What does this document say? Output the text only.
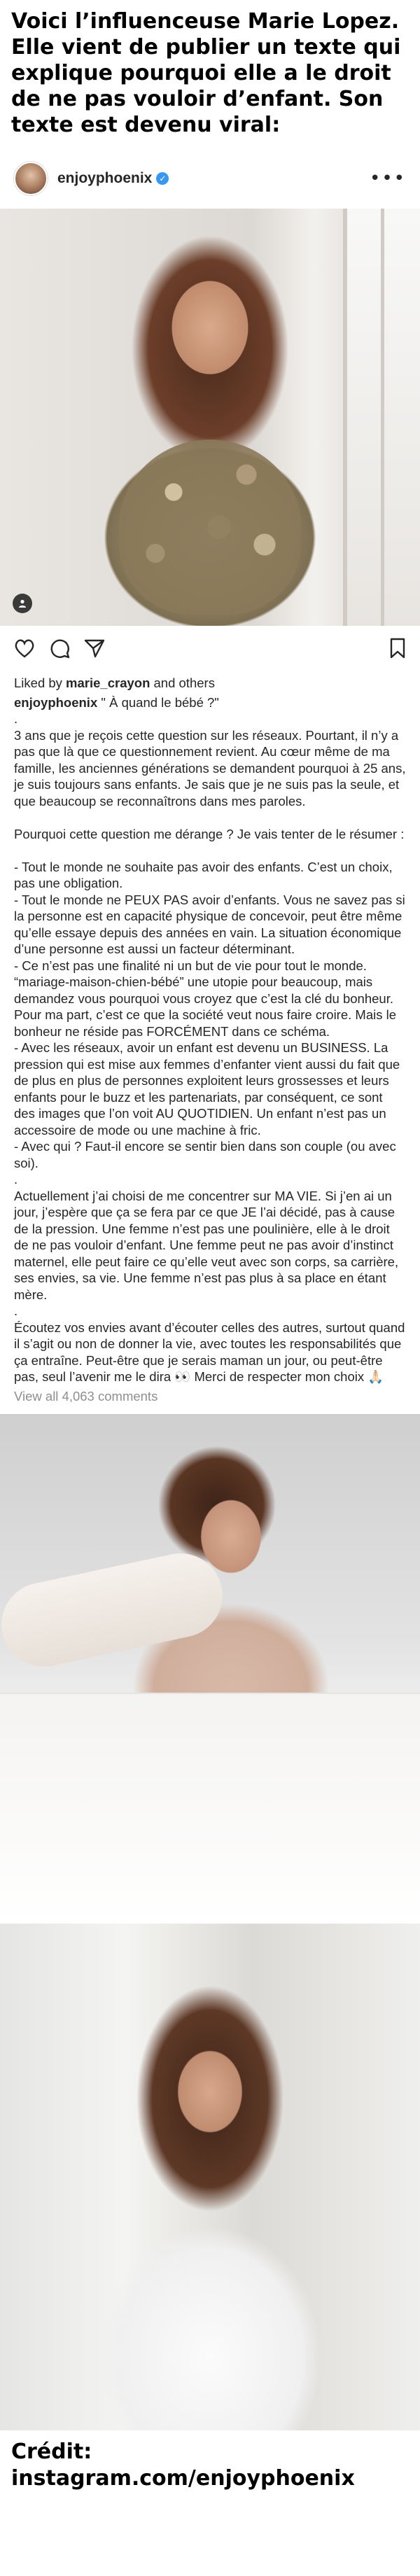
Voici l’influenceuse Marie Lopez. Elle vient de publier un texte qui explique pourquoi elle a le droit de ne pas vouloir d’enfant. Son texte est devenu viral:
enjoyphoenix ✓	•••
Liked by marie_crayon and others
enjoyphoenix " À quand le bébé ?"
.
3 ans que je reçois cette question sur les réseaux. Pourtant, il n’y a pas que là que ce questionnement revient. Au cœur même de ma famille, les anciennes générations se demandent pourquoi à 25 ans, je suis toujours sans enfants. Je sais que je ne suis pas la seule, et que beaucoup se reconnaîtrons dans mes paroles.

Pourquoi cette question me dérange ? Je vais tenter de le résumer :

- Tout le monde ne souhaite pas avoir des enfants. C’est un choix, pas une obligation.
- Tout le monde ne PEUX PAS avoir d’enfants. Vous ne savez pas si la personne est en capacité physique de concevoir, peut être même qu’elle essaye depuis des années en vain. La situation économique d’une personne est aussi un facteur déterminant.
- Ce n’est pas une finalité ni un but de vie pour tout le monde. “mariage-maison-chien-bébé” une utopie pour beaucoup, mais demandez vous pourquoi vous croyez que c’est la clé du bonheur. Pour ma part, c’est ce que la société veut nous faire croire. Mais le bonheur ne réside pas FORCÉMENT dans ce schéma.
- Avec les réseaux, avoir un enfant est devenu un BUSINESS. La pression qui est mise aux femmes d’enfanter vient aussi du fait que de plus en plus de personnes exploitent leurs grossesses et leurs enfants pour le buzz et les partenariats, par conséquent, ce sont des images que l’on voit AU QUOTIDIEN. Un enfant n’est pas un accessoire de mode ou une machine à fric.
- Avec qui ? Faut-il encore se sentir bien dans son couple (ou avec soi).
.
Actuellement j’ai choisi de me concentrer sur MA VIE. Si j’en ai un jour, j’espère que ça se fera par ce que JE l’ai décidé, pas à cause de la pression. Une femme n’est pas une poulinière, elle à le droit de ne pas vouloir d’enfant. Une femme peut ne pas avoir d’instinct maternel, elle peut faire ce qu’elle veut avec son corps, sa carrière, ses envies, sa vie. Une femme n’est pas plus à sa place en étant mère.
.
Écoutez vos envies avant d’écouter celles des autres, surtout quand il s’agit ou non de donner la vie, avec toutes les responsabilités que ça entraîne. Peut-être que je serais maman un jour, ou peut-être pas, seul l’avenir me le dira 👀 Merci de respecter mon choix 🙏🏻
View all 4,063 comments
Crédit: instagram.com/enjoyphoenix
